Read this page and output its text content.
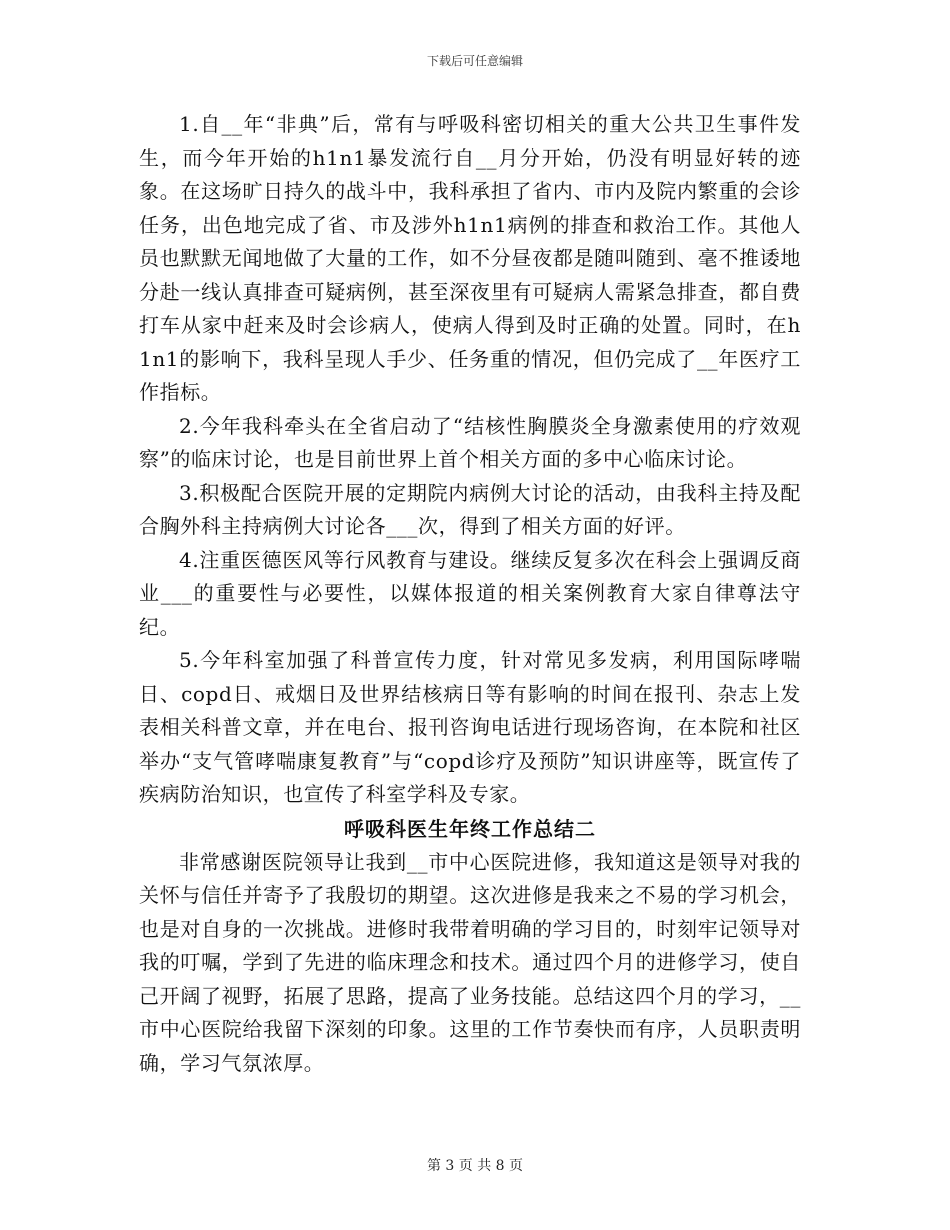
下载后可任意编辑

1.自__年“非典”后，常有与呼吸科密切相关的重大公共卫生事件发生，而今年开始的h1n1暴发流行自__月分开始，仍没有明显好转的迹象。在这场旷日持久的战斗中，我科承担了省内、市内及院内繁重的会诊任务，出色地完成了省、市及涉外h1n1病例的排查和救治工作。其他人员也默默无闻地做了大量的工作，如不分昼夜都是随叫随到、毫不推诿地分赴一线认真排查可疑病例，甚至深夜里有可疑病人需紧急排查，都自费打车从家中赶来及时会诊病人，使病人得到及时正确的处置。同时，在h1n1的影响下，我科呈现人手少、任务重的情况，但仍完成了__年医疗工作指标。

2.今年我科牵头在全省启动了“结核性胸膜炎全身激素使用的疗效观察”的临床讨论，也是目前世界上首个相关方面的多中心临床讨论。

3.积极配合医院开展的定期院内病例大讨论的活动，由我科主持及配合胸外科主持病例大讨论各___次，得到了相关方面的好评。

4.注重医德医风等行风教育与建设。继续反复多次在科会上强调反商业___的重要性与必要性，以媒体报道的相关案例教育大家自律尊法守纪。

5.今年科室加强了科普宣传力度，针对常见多发病，利用国际哮喘日、copd日、戒烟日及世界结核病日等有影响的时间在报刊、杂志上发表相关科普文章，并在电台、报刊咨询电话进行现场咨询，在本院和社区举办“支气管哮喘康复教育”与“copd诊疗及预防”知识讲座等，既宣传了疾病防治知识，也宣传了科室学科及专家。

呼吸科医生年终工作总结二

非常感谢医院领导让我到__市中心医院进修，我知道这是领导对我的关怀与信任并寄予了我殷切的期望。这次进修是我来之不易的学习机会，也是对自身的一次挑战。进修时我带着明确的学习目的，时刻牢记领导对我的叮嘱，学到了先进的临床理念和技术。通过四个月的进修学习，使自己开阔了视野，拓展了思路，提高了业务技能。总结这四个月的学习，__市中心医院给我留下深刻的印象。这里的工作节奏快而有序，人员职责明确，学习气氛浓厚。

第 3 页 共 8 页
